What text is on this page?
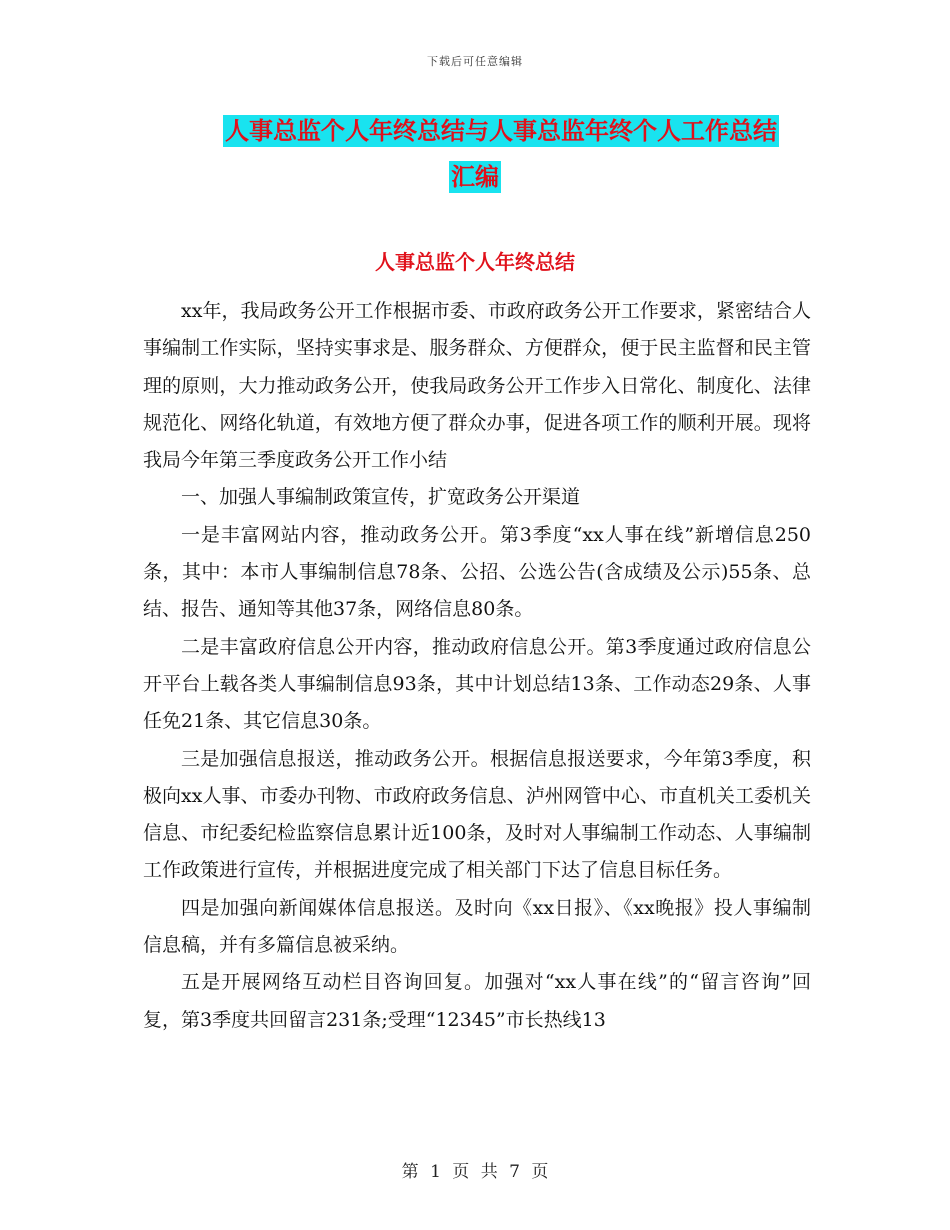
下载后可任意编辑
人事总监个人年终总结与人事总监年终个人工作总结
汇编
人事总监个人年终总结

xx年，我局政务公开工作根据市委、市政府政务公开工作要求，紧密结合人事编制工作实际，坚持实事求是、服务群众、方便群众，便于民主监督和民主管理的原则，大力推动政务公开，使我局政务公开工作步入日常化、制度化、法律规范化、网络化轨道，有效地方便了群众办事，促进各项工作的顺利开展。现将我局今年第三季度政务公开工作小结

一、加强人事编制政策宣传，扩宽政务公开渠道

一是丰富网站内容，推动政务公开。第3季度“xx人事在线”新增信息250条，其中：本市人事编制信息78条、公招、公选公告(含成绩及公示)55条、总结、报告、通知等其他37条，网络信息80条。

二是丰富政府信息公开内容，推动政府信息公开。第3季度通过政府信息公开平台上载各类人事编制信息93条，其中计划总结13条、工作动态29条、人事任免21条、其它信息30条。

三是加强信息报送，推动政务公开。根据信息报送要求，今年第3季度，积极向xx人事、市委办刊物、市政府政务信息、泸州网管中心、市直机关工委机关信息、市纪委纪检监察信息累计近100条，及时对人事编制工作动态、人事编制工作政策进行宣传，并根据进度完成了相关部门下达了信息目标任务。

四是加强向新闻媒体信息报送。及时向《xx日报》、《xx晚报》投人事编制信息稿，并有多篇信息被采纳。

五是开展网络互动栏目咨询回复。加强对“xx人事在线”的“留言咨询”回复，第3季度共回留言231条;受理“12345”市长热线13

第 1 页 共 7 页
